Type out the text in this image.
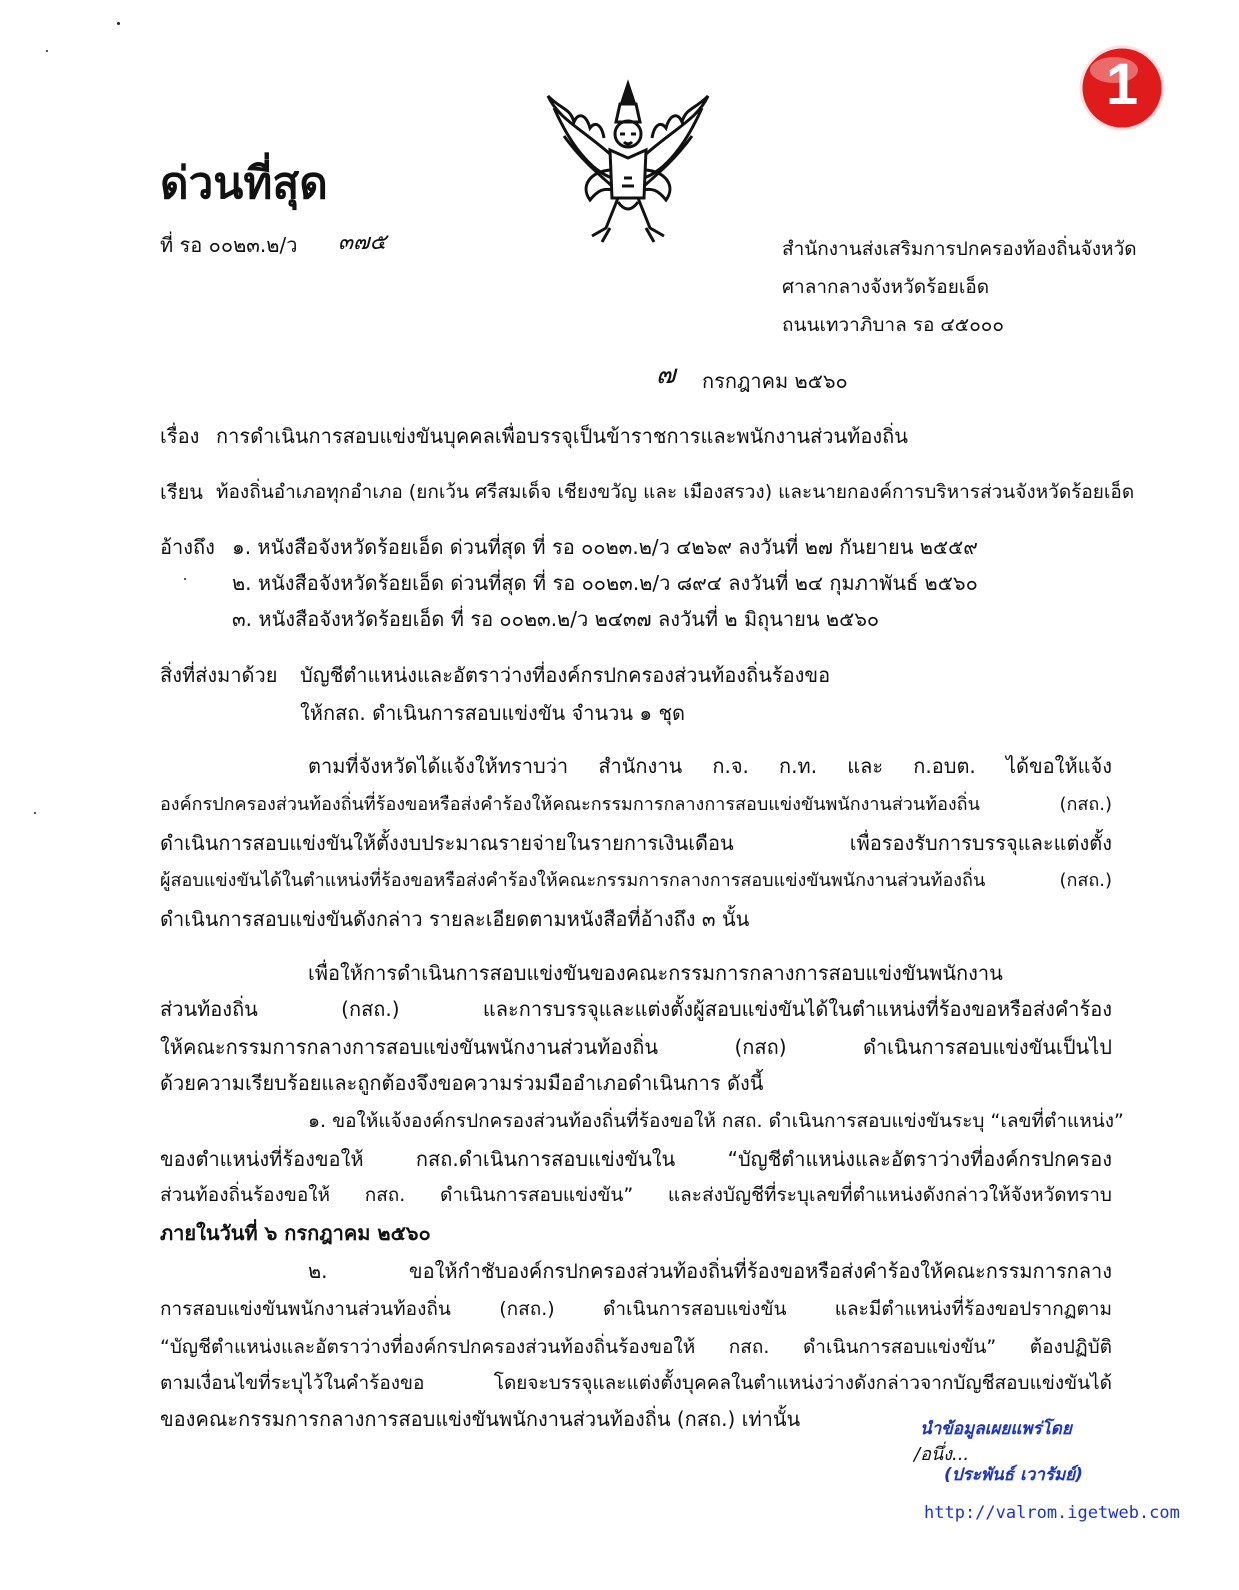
1
ด่วนที่สุด
ที่ รอ ๐๐๒๓.๒/ว ๓๗๕	สำนักงานส่งเสริมการปกครองท้องถิ่นจังหวัด
ศาลากลางจังหวัดร้อยเอ็ด
ถนนเทวาภิบาล รอ ๔๕๐๐๐
๗ กรกฎาคม ๒๕๖๐
เรื่อง การดำเนินการสอบแข่งขันบุคคลเพื่อบรรจุเป็นข้าราชการและพนักงานส่วนท้องถิ่น
เรียน ท้องถิ่นอำเภอทุกอำเภอ (ยกเว้น ศรีสมเด็จ เชียงขวัญ และ เมืองสรวง) และนายกองค์การบริหารส่วนจังหวัดร้อยเอ็ด
อ้างถึง ๑. หนังสือจังหวัดร้อยเอ็ด ด่วนที่สุด ที่ รอ ๐๐๒๓.๒/ว ๔๒๖๙ ลงวันที่ ๒๗ กันยายน ๒๕๕๙
๒. หนังสือจังหวัดร้อยเอ็ด ด่วนที่สุด ที่ รอ ๐๐๒๓.๒/ว ๘๙๔ ลงวันที่ ๒๔ กุมภาพันธ์ ๒๕๖๐
๓. หนังสือจังหวัดร้อยเอ็ด ที่ รอ ๐๐๒๓.๒/ว ๒๔๓๗ ลงวันที่ ๒ มิถุนายน ๒๕๖๐
สิ่งที่ส่งมาด้วย บัญชีตำแหน่งและอัตราว่างที่องค์กรปกครองส่วนท้องถิ่นร้องขอ
ให้กสถ. ดำเนินการสอบแข่งขัน จำนวน ๑ ชุด
ตามที่จังหวัดได้แจ้งให้ทราบว่า สำนักงาน ก.จ. ก.ท. และ ก.อบต. ได้ขอให้แจ้ง
องค์กรปกครองส่วนท้องถิ่นที่ร้องขอหรือส่งคำร้องให้คณะกรรมการกลางการสอบแข่งขันพนักงานส่วนท้องถิ่น (กสถ.)
ดำเนินการสอบแข่งขันให้ตั้งงบประมาณรายจ่ายในรายการเงินเดือน เพื่อรองรับการบรรจุและแต่งตั้ง
ผู้สอบแข่งขันได้ในตำแหน่งที่ร้องขอหรือส่งคำร้องให้คณะกรรมการกลางการสอบแข่งขันพนักงานส่วนท้องถิ่น (กสถ.)
ดำเนินการสอบแข่งขันดังกล่าว รายละเอียดตามหนังสือที่อ้างถึง ๓ นั้น
เพื่อให้การดำเนินการสอบแข่งขันของคณะกรรมการกลางการสอบแข่งขันพนักงาน
ส่วนท้องถิ่น (กสถ.) และการบรรจุและแต่งตั้งผู้สอบแข่งขันได้ในตำแหน่งที่ร้องขอหรือส่งคำร้อง
ให้คณะกรรมการกลางการสอบแข่งขันพนักงานส่วนท้องถิ่น (กสถ) ดำเนินการสอบแข่งขันเป็นไป
ด้วยความเรียบร้อยและถูกต้องจึงขอความร่วมมืออำเภอดำเนินการ ดังนี้
๑. ขอให้แจ้งองค์กรปกครองส่วนท้องถิ่นที่ร้องขอให้ กสถ. ดำเนินการสอบแข่งขันระบุ “เลขที่ตำแหน่ง”
ของตำแหน่งที่ร้องขอให้ กสถ.ดำเนินการสอบแข่งขันใน “บัญชีตำแหน่งและอัตราว่างที่องค์กรปกครอง
ส่วนท้องถิ่นร้องขอให้ กสถ. ดำเนินการสอบแข่งขัน” และส่งบัญชีที่ระบุเลขที่ตำแหน่งดังกล่าวให้จังหวัดทราบ
ภายในวันที่ ๖ กรกฎาคม ๒๕๖๐
๒. ขอให้กำชับองค์กรปกครองส่วนท้องถิ่นที่ร้องขอหรือส่งคำร้องให้คณะกรรมการกลาง
การสอบแข่งขันพนักงานส่วนท้องถิ่น (กสถ.) ดำเนินการสอบแข่งขัน และมีตำแหน่งที่ร้องขอปรากฏตาม
“บัญชีตำแหน่งและอัตราว่างที่องค์กรปกครองส่วนท้องถิ่นร้องขอให้ กสถ. ดำเนินการสอบแข่งขัน” ต้องปฏิบัติ
ตามเงื่อนไขที่ระบุไว้ในคำร้องขอ โดยจะบรรจุและแต่งตั้งบุคคลในตำแหน่งว่างดังกล่าวจากบัญชีสอบแข่งขันได้
ของคณะกรรมการกลางการสอบแข่งขันพนักงานส่วนท้องถิ่น (กสถ.) เท่านั้น	นำข้อมูลเผยแพร่โดย
/อนึ่ง...
(ประพันธ์ เวารัมย์)
http://valrom.igetweb.com
